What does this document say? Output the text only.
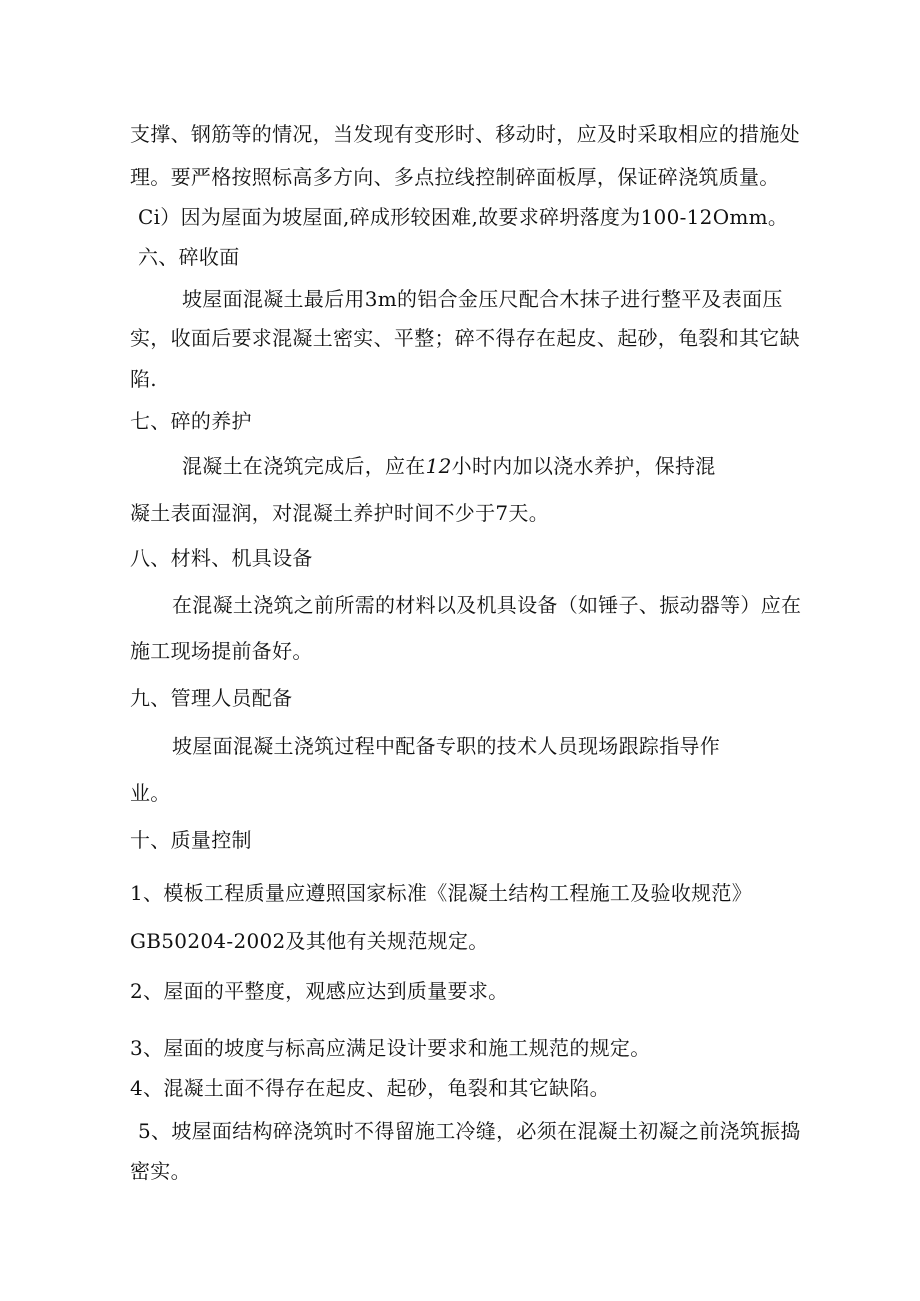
支撑、钢筋等的情况，当发现有变形时、移动时，应及时采取相应的措施处
理。要严格按照标高多方向、多点拉线控制碎面板厚，保证碎浇筑质量。
Ci）因为屋面为坡屋面,碎成形较困难,故要求碎坍落度为100-12Omm。
六、碎收面
坡屋面混凝土最后用3m的铝合金压尺配合木抹子进行整平及表面压
实，收面后要求混凝土密实、平整；碎不得存在起皮、起砂，龟裂和其它缺
陷.
七、碎的养护
混凝土在浇筑完成后，应在12小时内加以浇水养护，保持混
凝土表面湿润，对混凝土养护时间不少于7天。
八、材料、机具设备
在混凝土浇筑之前所需的材料以及机具设备（如锤子、振动器等）应在
施工现场提前备好。
九、管理人员配备
坡屋面混凝土浇筑过程中配备专职的技术人员现场跟踪指导作
业。
十、质量控制
1、模板工程质量应遵照国家标准《混凝土结构工程施工及验收规范》
GB50204-2002及其他有关规范规定。
2、屋面的平整度，观感应达到质量要求。
3、屋面的坡度与标高应满足设计要求和施工规范的规定。
4、混凝土面不得存在起皮、起砂，龟裂和其它缺陷。
5、坡屋面结构碎浇筑时不得留施工冷缝，必须在混凝土初凝之前浇筑振捣
密实。
